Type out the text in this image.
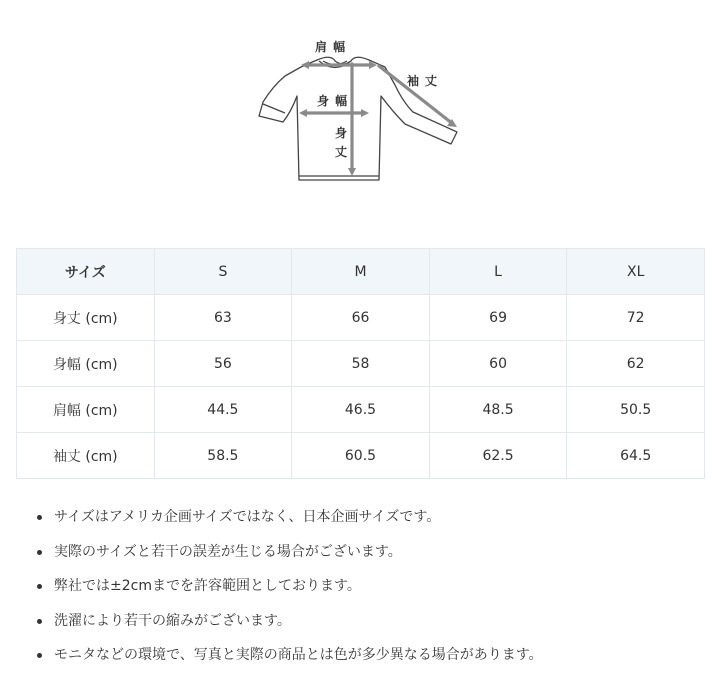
肩 幅
袖 丈
身 幅
身
丈
サイズ	S	M	L	XL
身丈 (cm)	63	66	69	72
身幅 (cm)	56	58	60	62
肩幅 (cm)	44.5	46.5	48.5	50.5
袖丈 (cm)	58.5	60.5	62.5	64.5
サイズはアメリカ企画サイズではなく、日本企画サイズです。
実際のサイズと若干の誤差が生じる場合がございます。
弊社では±2cmまでを許容範囲としております。
洗濯により若干の縮みがございます。
モニタなどの環境で、写真と実際の商品とは色が多少異なる場合があります。
